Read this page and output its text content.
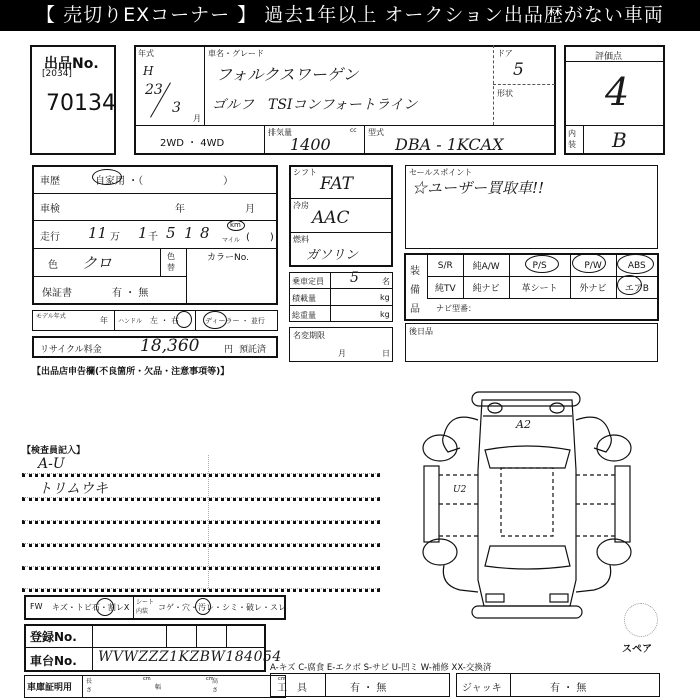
【 売切りEXコーナー 】 過去1年以上 オークション出品歴がない車両
出品No.
[2034]
70134
年式
H
23
3
月
車名・グレード
フォルクスワーゲン
ゴルフ　TSIコンフォートライン
ドア
5
形状
2WD ・ 4WD
排気量	cc
1400
型式
DBA - 1KCAX
評価点
4
内装 B
車歴	自家用 ・（　　　　　　　　）
車検	年	月
走行 11 万 1 千 5 1 8	km
マイル (　　)
色 クロ	色替
カラーNo.
保証書	有 ・ 無
モデル年式	年 ハンドル 左 ・ 右	ディーラー ・ 並行
リサイクル料金 18,360	円 預託済
【出品店申告欄(不良箇所・欠品・注意事項等)】
シフト
FAT
冷房
AAC
燃料
ガソリン
乗車定員 5	名
積載量	kg
総重量	kg
名変期限
月	日
セールスポイント
☆ユーザー買取車!!
装備品
S/R	純A/W	P/S	P/W	ABS
純TV	純ナビ	革シート	外ナビ	エアB
ナビ型番：
後日品
【検査員記入】
A-U
トリムウキ
A2
U2
スペア
FW キズ・トビ石・割レX
シート内装	コゲ・穴・汚レ・シミ・破レ・スレ
登録No.
車台No. WVWZZZ1KZBW184054
車庫証明用
長さ
cm
幅
cm
高さ
cm
A-キズ C-腐食 E-エクボ S-サビ U-凹ミ W-補修 XX-交換済
工　具	有 ・ 無	ジャッキ	有 ・ 無
